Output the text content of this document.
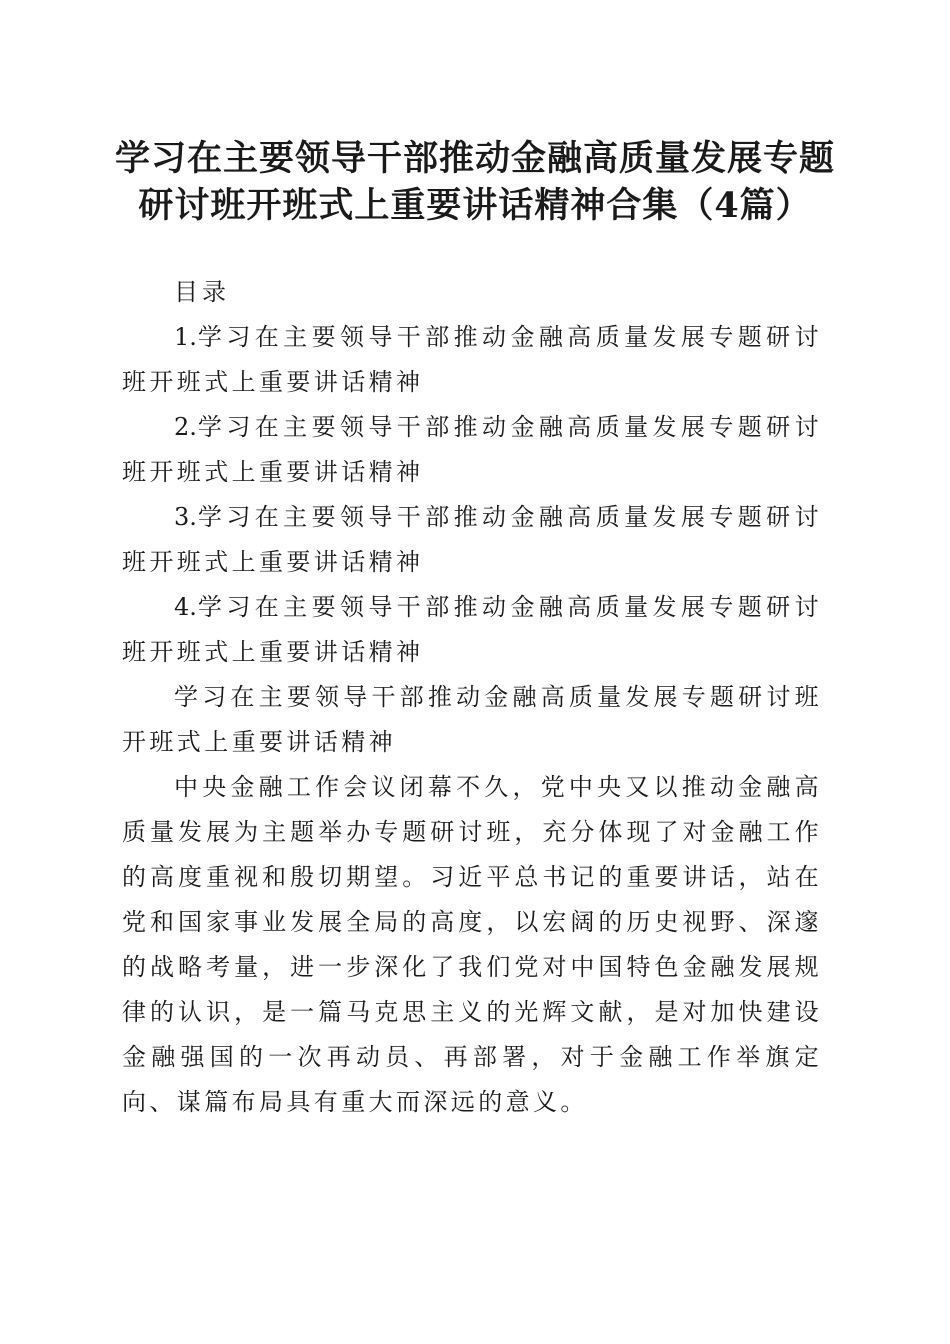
学习在主要领导干部推动金融高质量发展专题
研讨班开班式上重要讲话精神合集（4篇）

目录

1.学习在主要领导干部推动金融高质量发展专题研讨班开班式上重要讲话精神

2.学习在主要领导干部推动金融高质量发展专题研讨班开班式上重要讲话精神

3.学习在主要领导干部推动金融高质量发展专题研讨班开班式上重要讲话精神

4.学习在主要领导干部推动金融高质量发展专题研讨班开班式上重要讲话精神

学习在主要领导干部推动金融高质量发展专题研讨班开班式上重要讲话精神

中央金融工作会议闭幕不久，党中央又以推动金融高质量发展为主题举办专题研讨班，充分体现了对金融工作的高度重视和殷切期望。习近平总书记的重要讲话，站在党和国家事业发展全局的高度，以宏阔的历史视野、深邃的战略考量，进一步深化了我们党对中国特色金融发展规律的认识，是一篇马克思主义的光辉文献，是对加快建设金融强国的一次再动员、再部署，对于金融工作举旗定向、谋篇布局具有重大而深远的意义。
